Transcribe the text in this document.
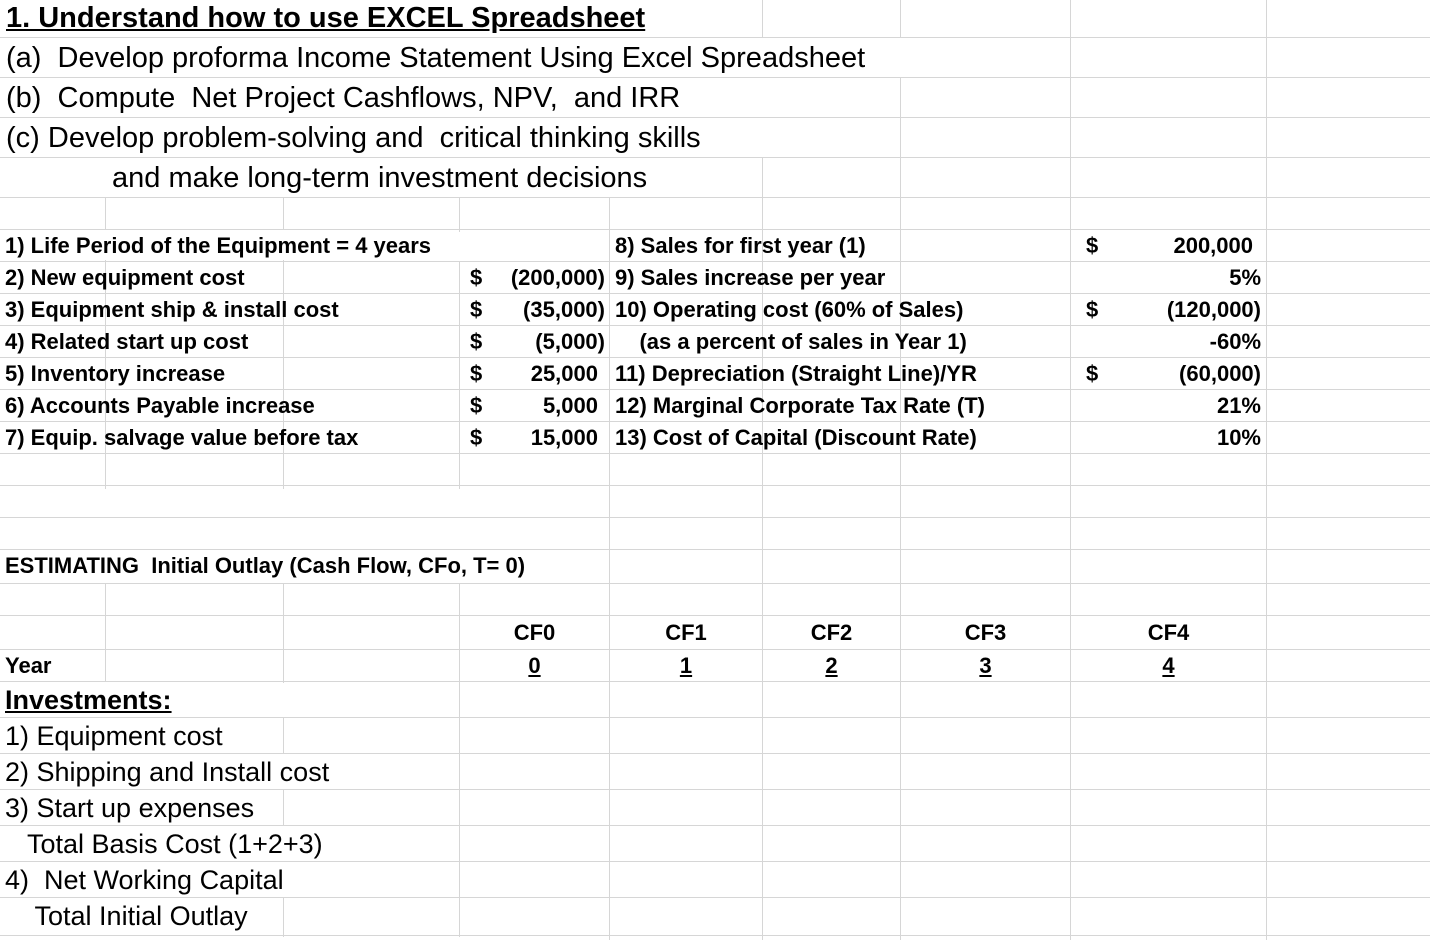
1. Understand how to use EXCEL Spreadsheet
(a)  Develop proforma Income Statement Using Excel Spreadsheet
(b)  Compute  Net Project Cashflows, NPV,  and IRR
(c) Develop problem-solving and  critical thinking skills
and make long-term investment decisions
1) Life Period of the Equipment = 4 years
2) New equipment cost	$	(200,000)
3) Equipment ship & install cost	$	(35,000)
4) Related start up cost	$	(5,000)
5) Inventory increase	$	25,000
6) Accounts Payable increase	$	5,000
7) Equip. salvage value before tax	$	15,000
8) Sales for first year (1)	$	200,000
9) Sales increase per year	5%
10) Operating cost (60% of Sales)	$	(120,000)
(as a percent of sales in Year 1)	-60%
11) Depreciation (Straight Line)/YR	$	(60,000)
12) Marginal Corporate Tax Rate (T)	21%
13) Cost of Capital (Discount Rate)	10%
ESTIMATING  Initial Outlay (Cash Flow, CFo, T= 0)
CF0	CF1	CF2	CF3	CF4
Year	0	1	2	3	4
Investments:
1) Equipment cost
2) Shipping and Install cost
3) Start up expenses
Total Basis Cost (1+2+3)
4)  Net Working Capital
Total Initial Outlay
